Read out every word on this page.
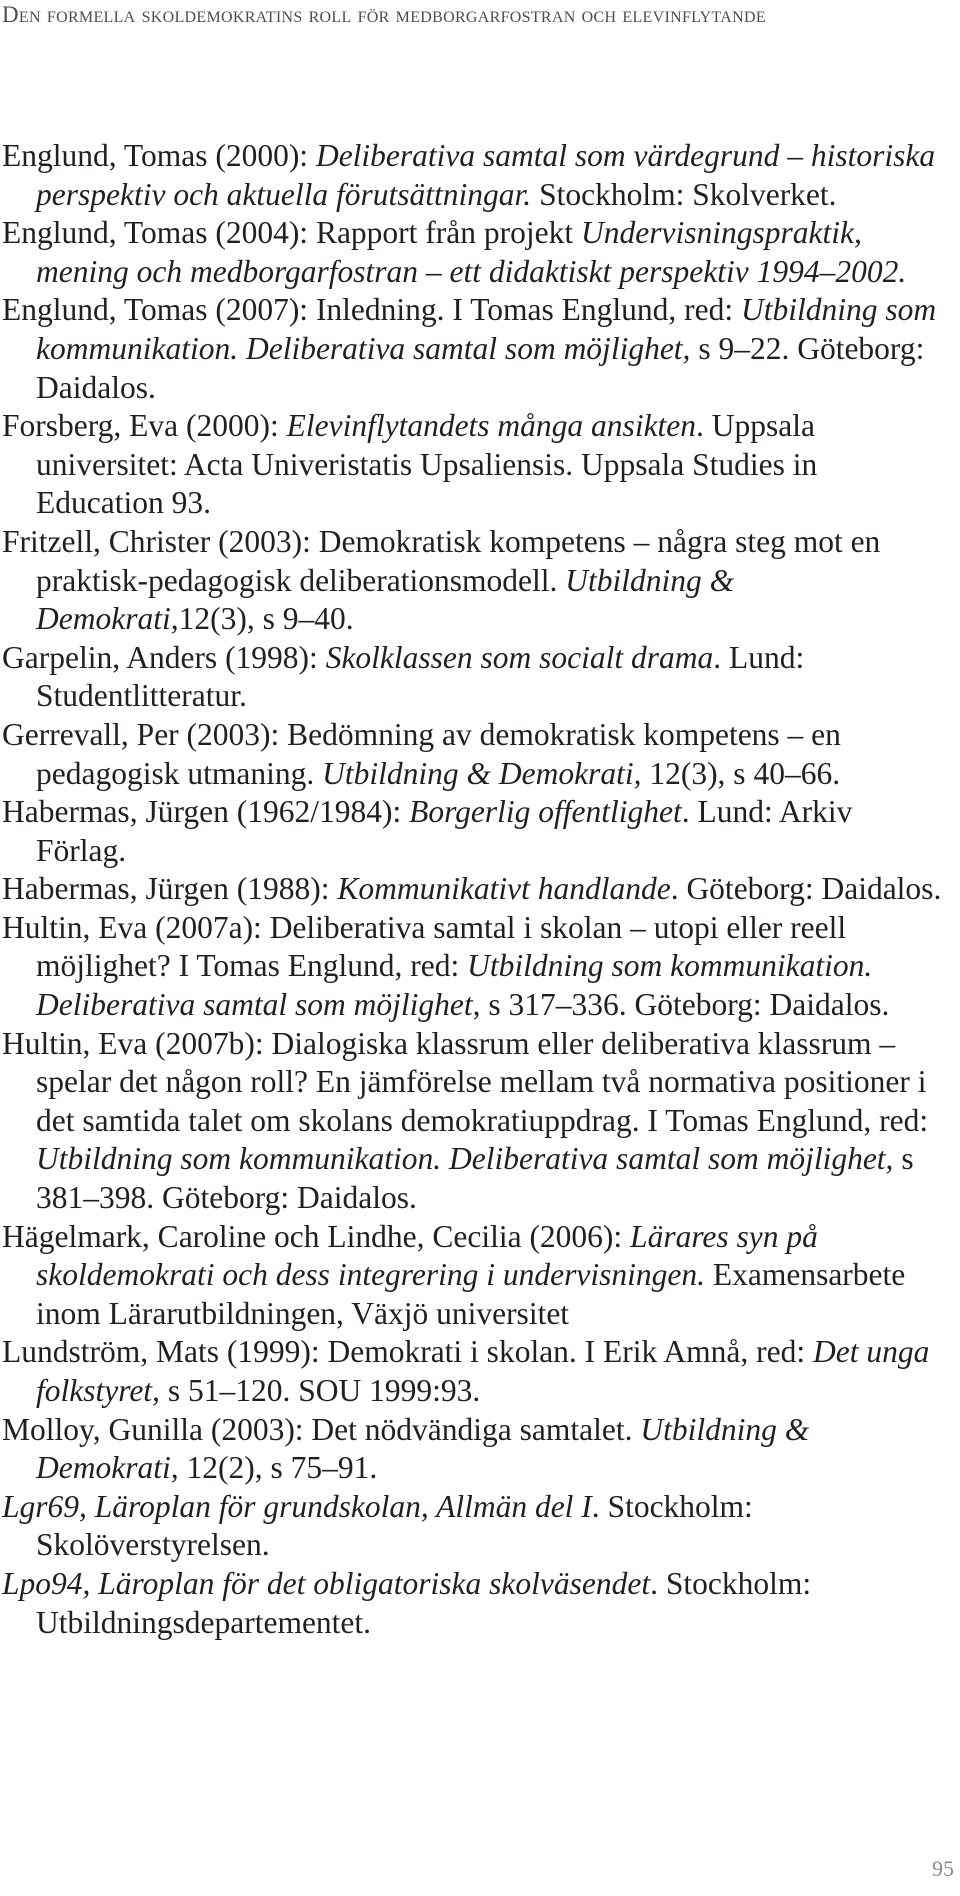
Den formella skoldemokratins roll för medborgarfostran och elevinflytande

Englund, Tomas (2000): Deliberativa samtal som värdegrund – historiska perspektiv och aktuella förutsättningar. Stockholm: Skolverket.

Englund, Tomas (2004): Rapport från projekt Undervisningspraktik, mening och medborgarfostran – ett didaktiskt perspektiv 1994–2002.

Englund, Tomas (2007): Inledning. I Tomas Englund, red: Utbildning som kommunikation. Deliberativa samtal som möjlighet, s 9–22. Göteborg: Daidalos.

Forsberg, Eva (2000): Elevinflytandets många ansikten. Uppsala universitet: Acta Univeristatis Upsaliensis. Uppsala Studies in Education 93.

Fritzell, Christer (2003): Demokratisk kompetens – några steg mot en praktisk-pedagogisk deliberationsmodell. Utbildning & Demokrati,12(3), s 9–40.

Garpelin, Anders (1998): Skolklassen som socialt drama. Lund: Studentlitteratur.

Gerrevall, Per (2003): Bedömning av demokratisk kompetens – en pedagogisk utmaning. Utbildning & Demokrati, 12(3), s 40–66.

Habermas, Jürgen (1962/1984): Borgerlig offentlighet. Lund: Arkiv Förlag.

Habermas, Jürgen (1988): Kommunikativt handlande. Göteborg: Daidalos.

Hultin, Eva (2007a): Deliberativa samtal i skolan – utopi eller reell möjlighet? I Tomas Englund, red: Utbildning som kommunikation. Deliberativa samtal som möjlighet, s 317–336. Göteborg: Daidalos.

Hultin, Eva (2007b): Dialogiska klassrum eller deliberativa klassrum – spelar det någon roll? En jämförelse mellam två normativa positioner i det samtida talet om skolans demokratiuppdrag. I Tomas Englund, red: Utbildning som kommunikation. Deliberativa samtal som möjlighet, s 381–398. Göteborg: Daidalos.

Hägelmark, Caroline och Lindhe, Cecilia (2006): Lärares syn på skoldemokrati och dess integrering i undervisningen. Examensarbete inom Lärarutbildningen, Växjö universitet

Lundström, Mats (1999): Demokrati i skolan. I Erik Amnå, red: Det unga folkstyret, s 51–120. SOU 1999:93.

Molloy, Gunilla (2003): Det nödvändiga samtalet. Utbildning & Demokrati, 12(2), s 75–91.

Lgr69, Läroplan för grundskolan, Allmän del I. Stockholm: Skolöverstyrelsen.

Lpo94, Läroplan för det obligatoriska skolväsendet. Stockholm: Utbildningsdepartementet.

95
